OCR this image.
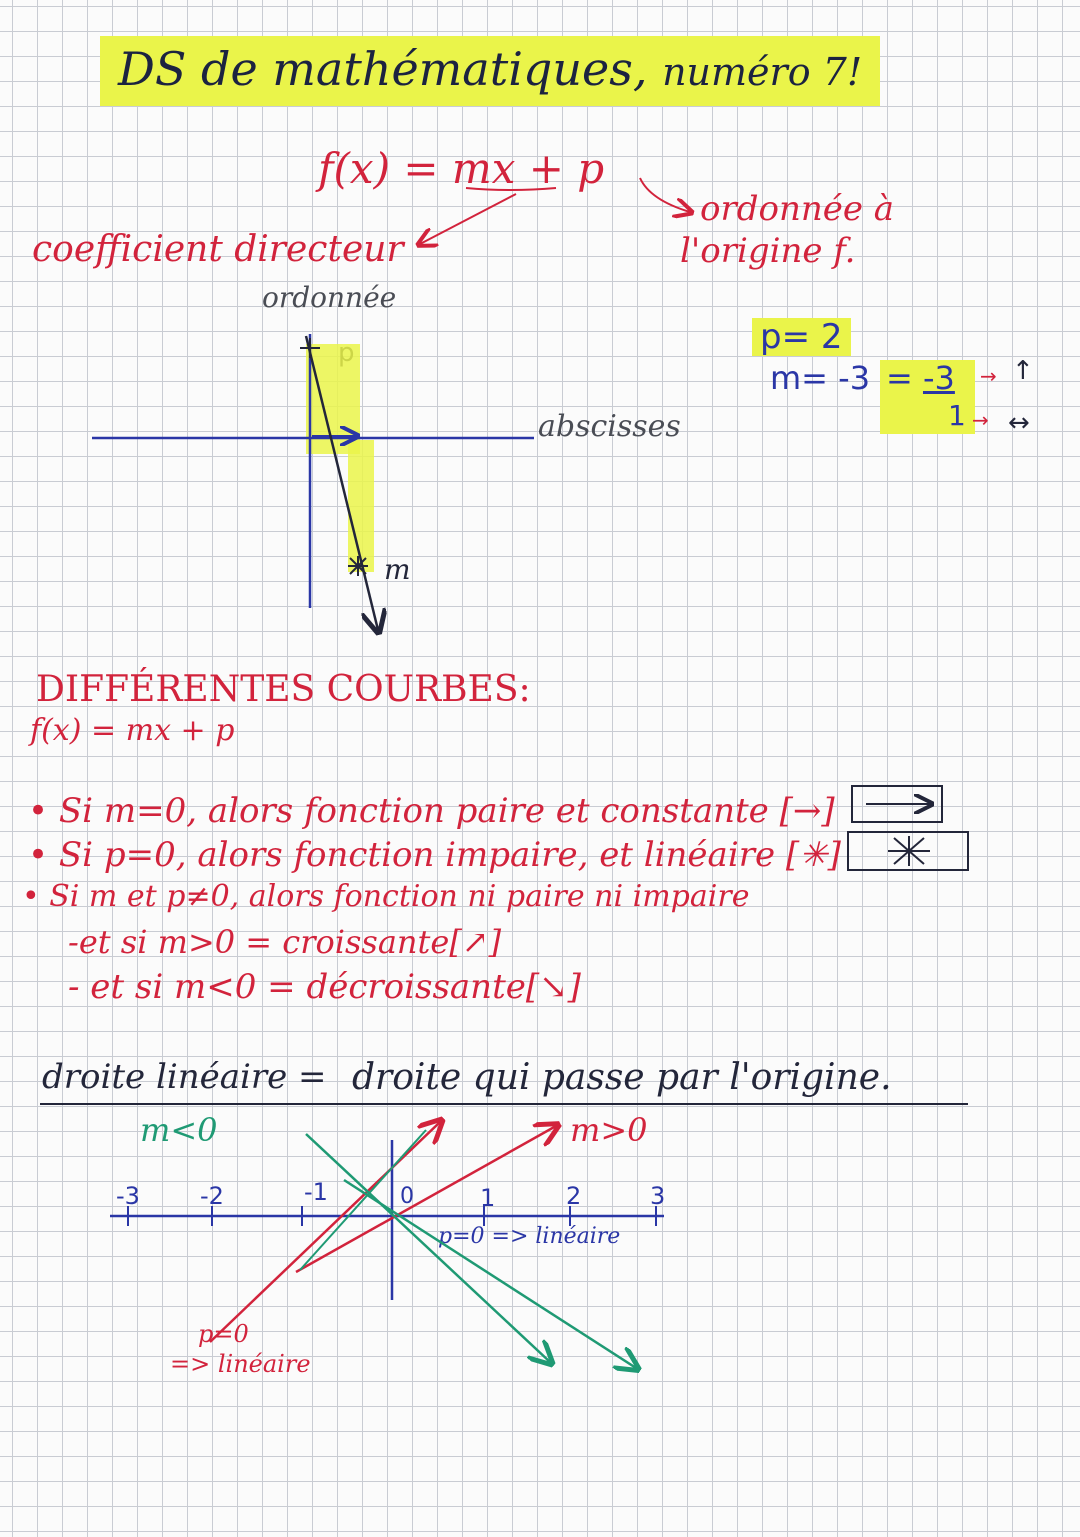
DS de mathématiques, numéro 7!
f(x) = mx + p
coefficient directeur
ordonnée à
l'origine f.
ordonnée
abscisses
m
p= 2
m= -3 = -3
1
→
→
↑
↔
DIFFÉRENTES COURBES:
f(x) = mx + p
• Si m=0, alors fonction paire et constante [→]
• Si p=0, alors fonction impaire, et linéaire [✳]
• Si m et p≠0, alors fonction ni paire ni impaire
-et si m>0 = croissante[↗]
- et si m<0 = décroissante[↘]
droite linéaire = droite qui passe par l'origine.
m<0	m>0
-3	-2	-1	0	1	2	3
p=0 => linéaire
p=0
=> linéaire
